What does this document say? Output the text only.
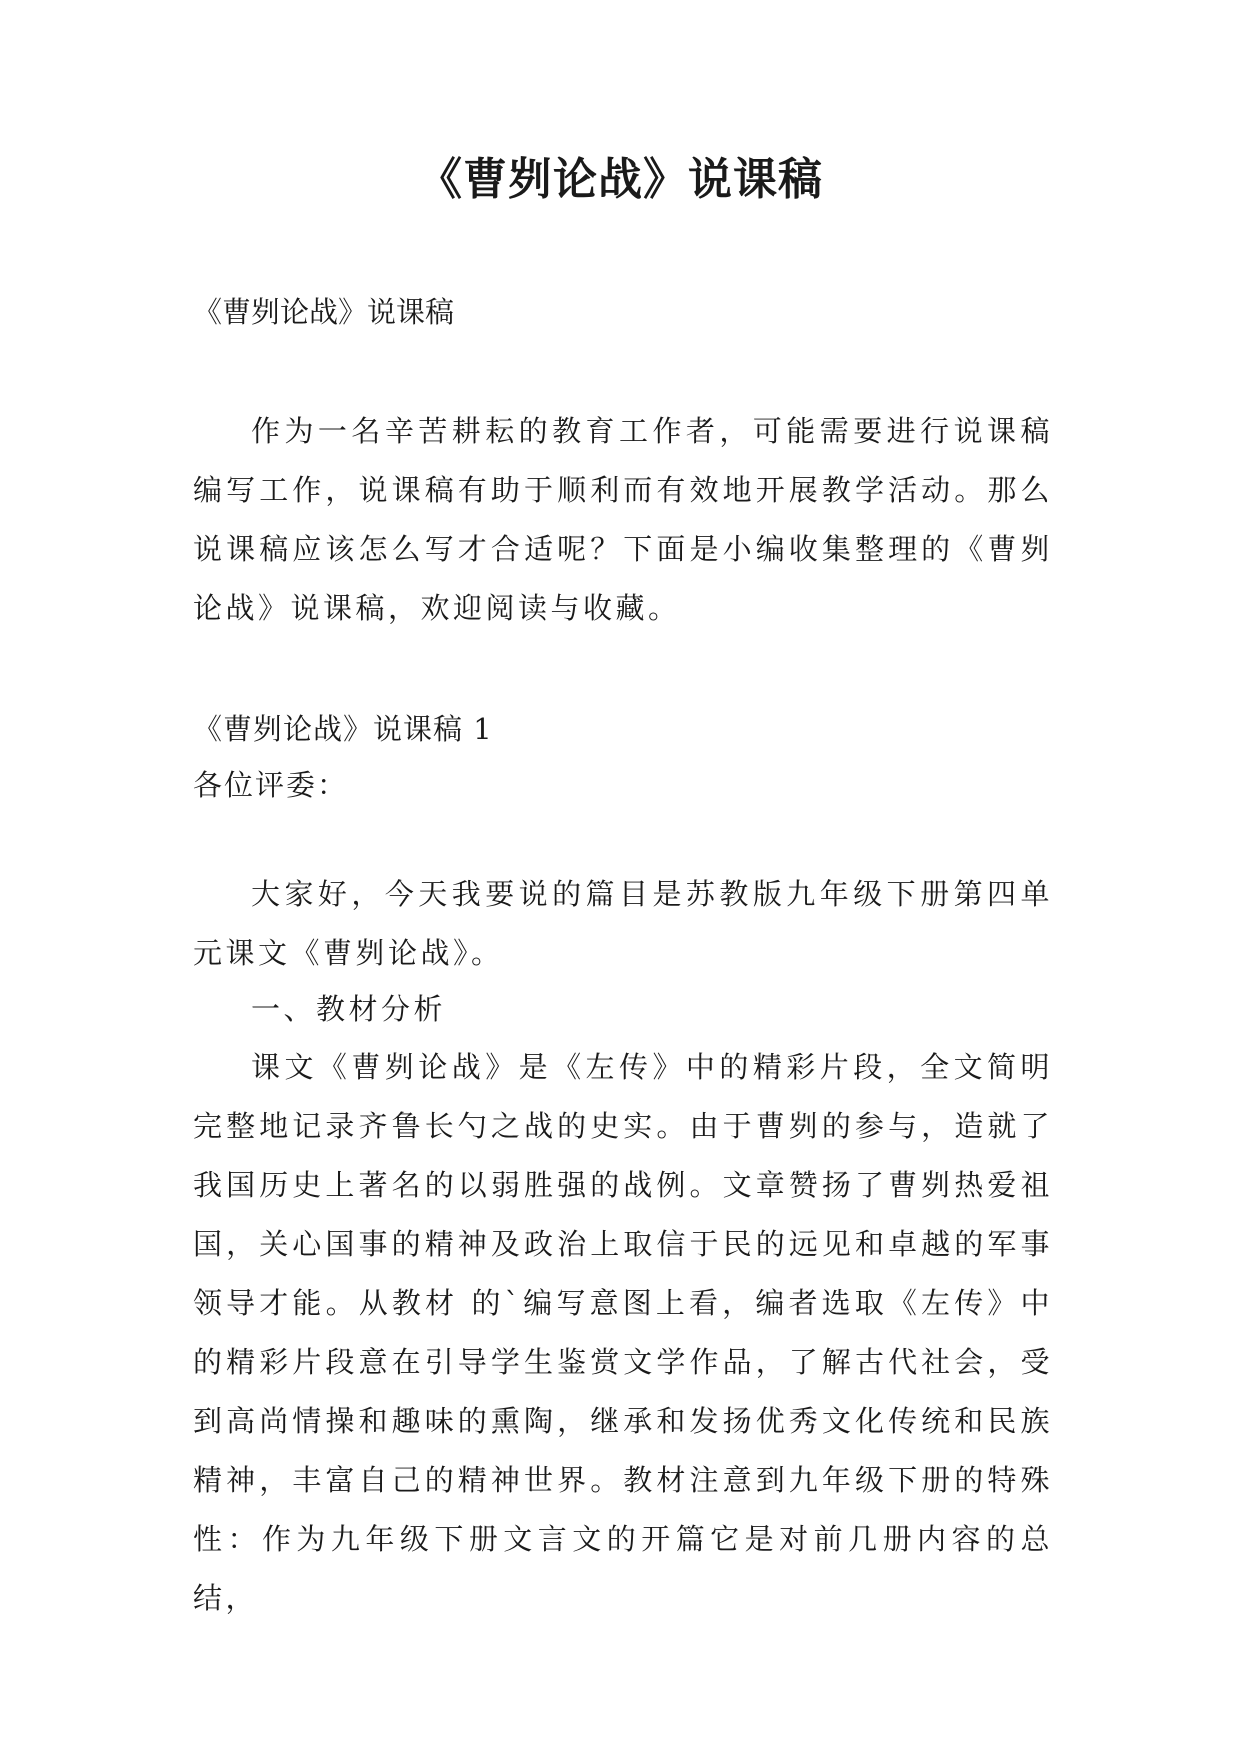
《曹刿论战》说课稿

《曹刿论战》说课稿

作为一名辛苦耕耘的教育工作者，可能需要进行说课稿编写工作，说课稿有助于顺利而有效地开展教学活动。那么说课稿应该怎么写才合适呢？下面是小编收集整理的《曹刿论战》说课稿，欢迎阅读与收藏。

《曹刿论战》说课稿 1

各位评委：

大家好，今天我要说的篇目是苏教版九年级下册第四单元课文《曹刿论战》。

一、教材分析

课文《曹刿论战》是《左传》中的精彩片段，全文简明完整地记录齐鲁长勺之战的史实。由于曹刿的参与，造就了我国历史上著名的以弱胜强的战例。文章赞扬了曹刿热爱祖国，关心国事的精神及政治上取信于民的远见和卓越的军事领导才能。从教材 的`编写意图上看，编者选取《左传》中的精彩片段意在引导学生鉴赏文学作品，了解古代社会，受到高尚情操和趣味的熏陶，继承和发扬优秀文化传统和民族精神，丰富自己的精神世界。教材注意到九年级下册的特殊性：作为九年级下册文言文的开篇它是对前几册内容的总结，
